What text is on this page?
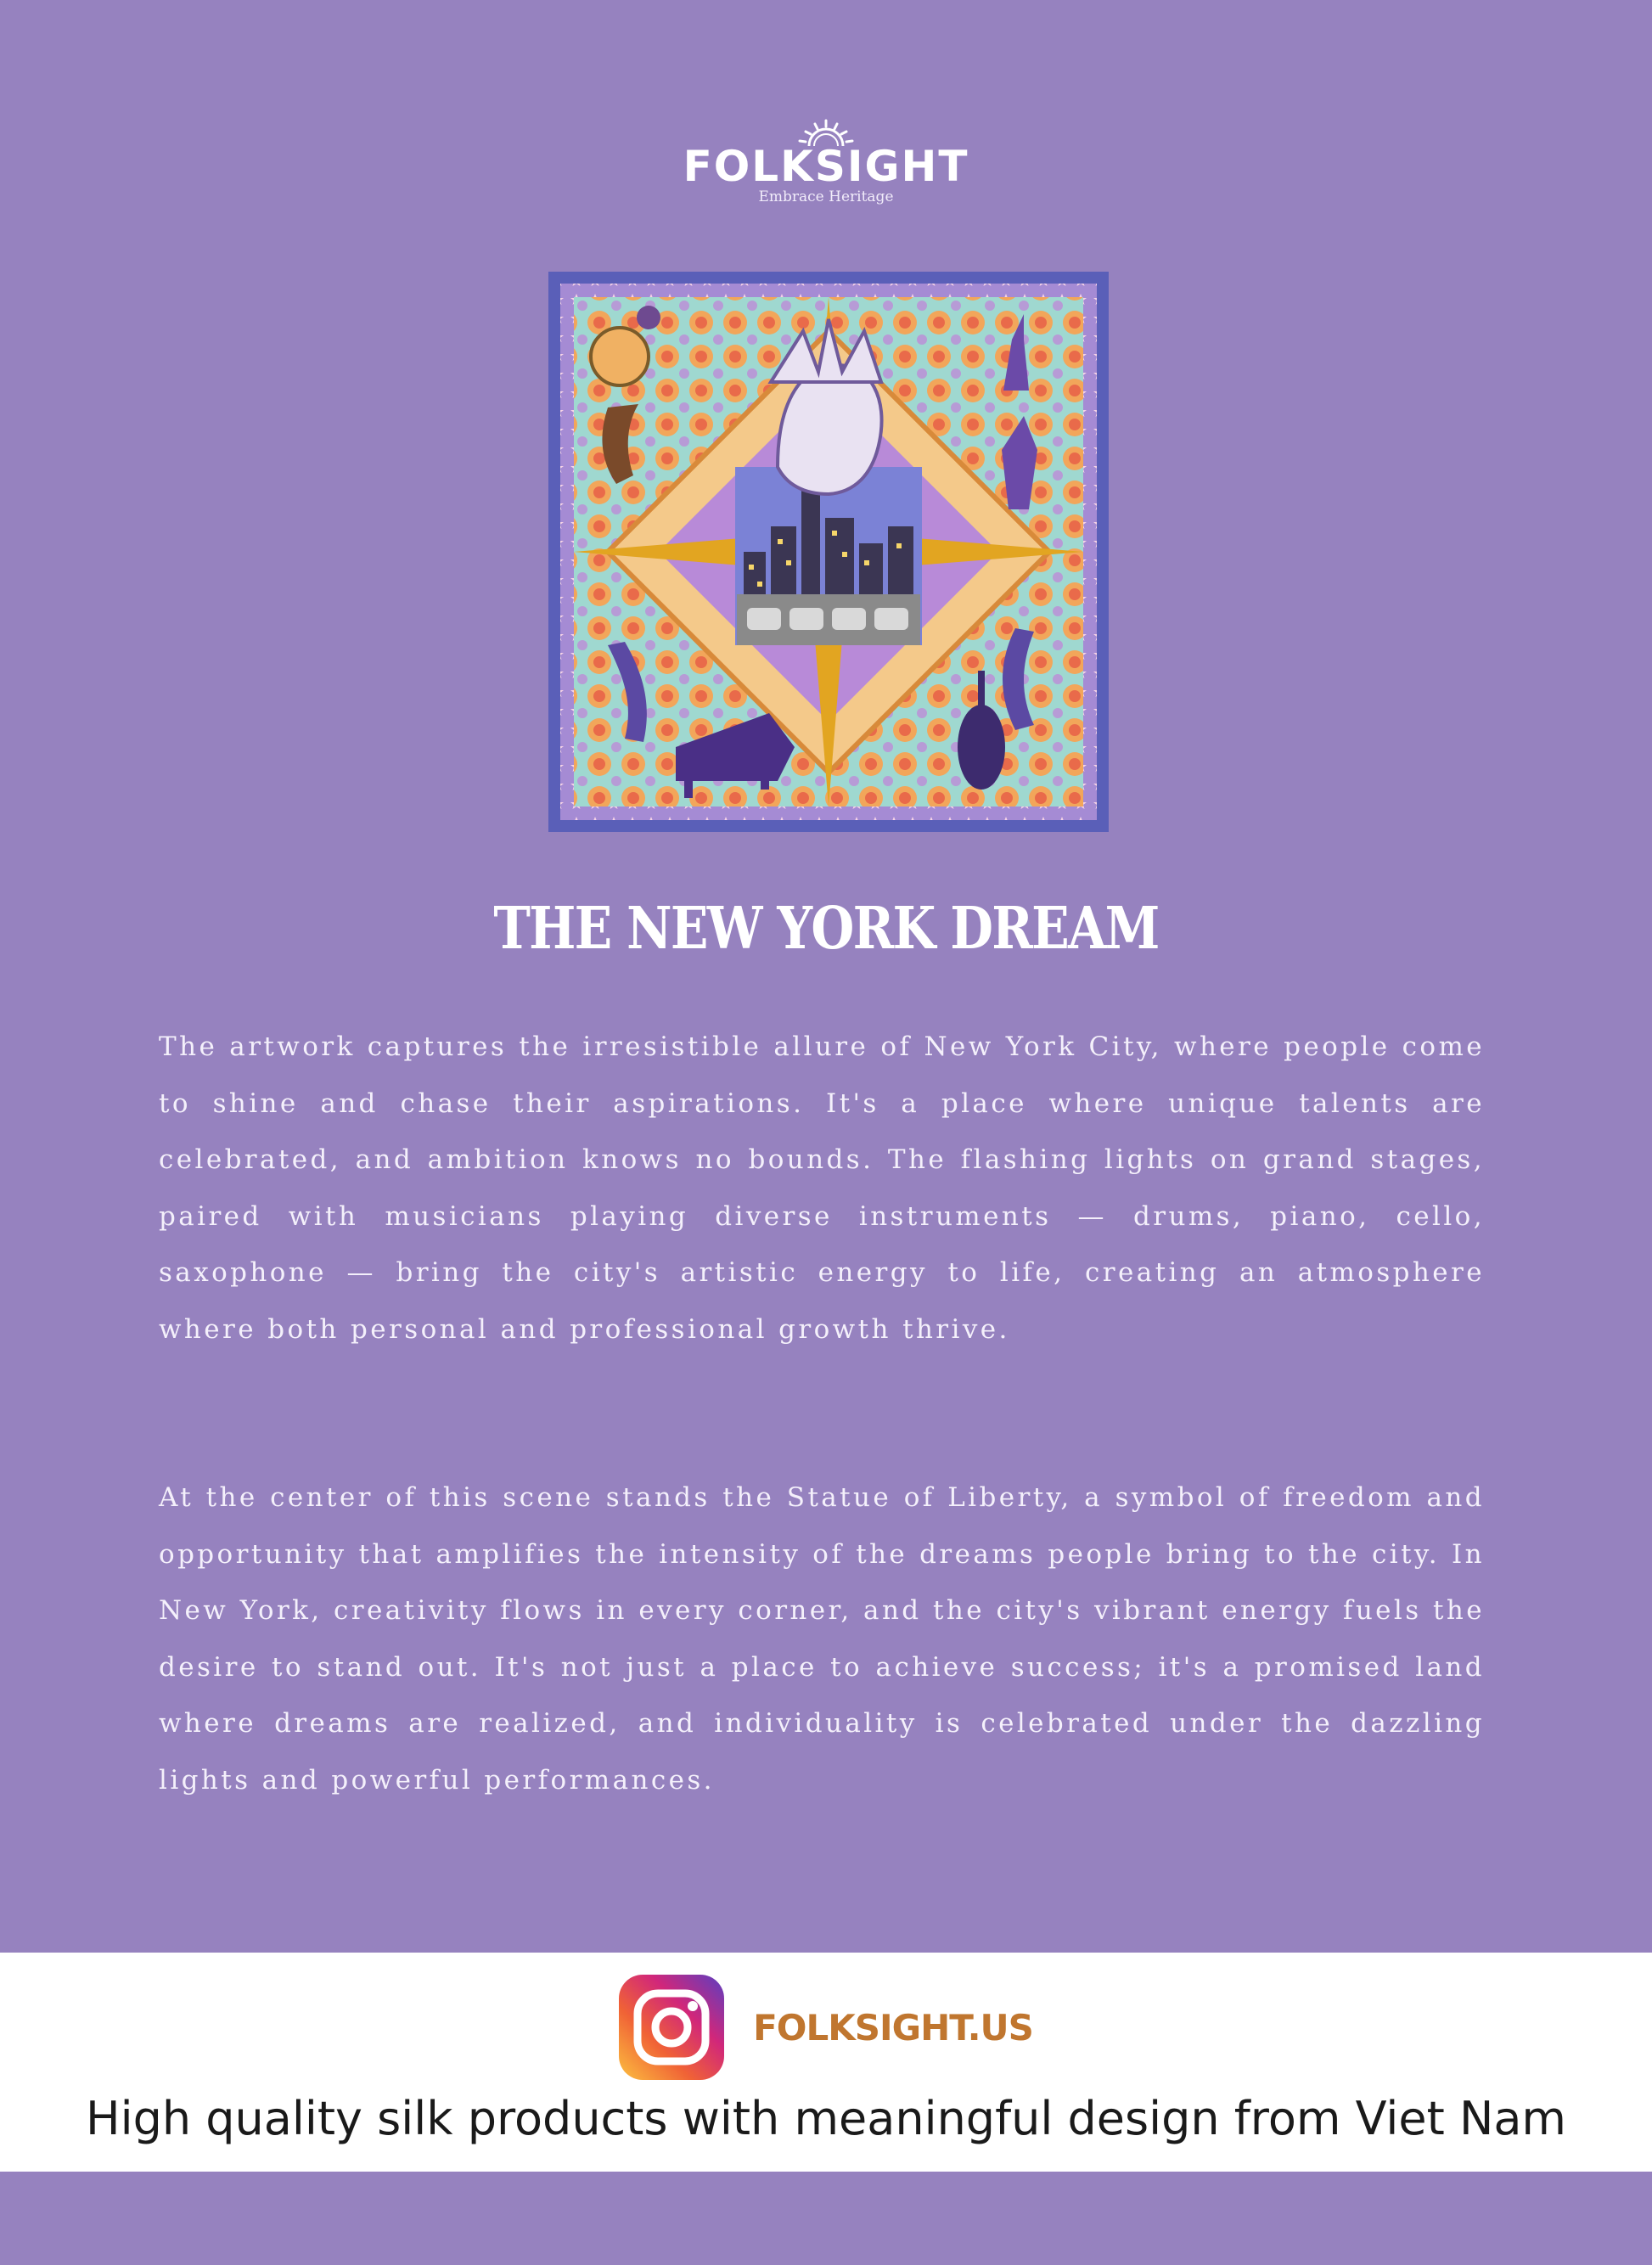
FOLKSIGHT
Embrace Heritage
THE NEW YORK DREAM

The artwork captures the irresistible allure of New York City, where people come to shine and chase their aspirations. It's a place where unique talents are celebrated, and ambition knows no bounds. The flashing lights on grand stages, paired with musicians playing diverse instruments — drums, piano, cello, saxophone — bring the city's artistic energy to life, creating an atmosphere where both personal and professional growth thrive.

At the center of this scene stands the Statue of Liberty, a symbol of freedom and opportunity that amplifies the intensity of the dreams people bring to the city. In New York, creativity flows in every corner, and the city's vibrant energy fuels the desire to stand out. It's not just a place to achieve success; it's a promised land where dreams are realized, and individuality is celebrated under the dazzling lights and powerful performances.

FOLKSIGHT.US
High quality silk products with meaningful design from Viet Nam
